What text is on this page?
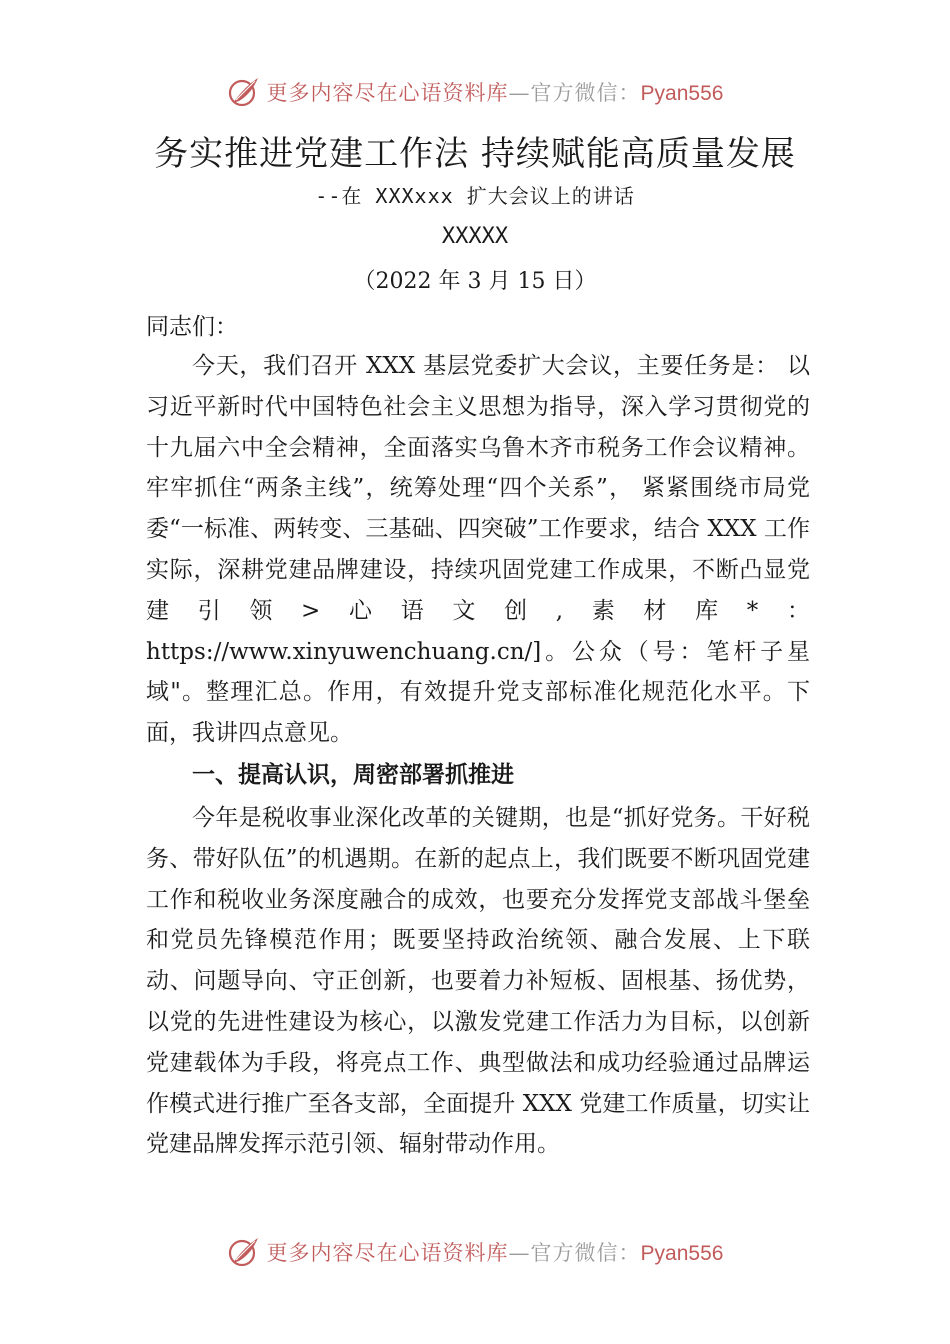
更多内容尽在心语资料库—官方微信：Pyan556
务实推进党建工作法 持续赋能高质量发展
--在 XXXxxx 扩大会议上的讲话
XXXXX
（2022 年 3 月 15 日）
同志们：
今天，我们召开 XXX 基层党委扩大会议，主要任务是： 以习近平新时代中国特色社会主义思想为指导，深入学习贯彻党的十九届六中全会精神，全面落实乌鲁木齐市税务工作会议精神。牢牢抓住“两条主线”，统筹处理“四个关系”， 紧紧围绕市局党委“一标准、两转变、三基础、四突破”工作要求，结合 XXX 工作实际，深耕党建品牌建设，持续巩固党建工作成果，不断凸显党建引领>心语文创,素材库*：https://www.xinyuwenchuang.cn/]。公众（号：笔杆子星域"。整理汇总。作用，有效提升党支部标准化规范化水平。下面，我讲四点意见。
一、提高认识，周密部署抓推进
今年是税收事业深化改革的关键期，也是“抓好党务。干好税务、带好队伍”的机遇期。在新的起点上，我们既要不断巩固党建工作和税收业务深度融合的成效，也要充分发挥党支部战斗堡垒和党员先锋模范作用；既要坚持政治统领、融合发展、上下联动、问题导向、守正创新，也要着力补短板、固根基、扬优势，以党的先进性建设为核心，以激发党建工作活力为目标，以创新党建载体为手段，将亮点工作、典型做法和成功经验通过品牌运作模式进行推广至各支部，全面提升 XXX 党建工作质量，切实让党建品牌发挥示范引领、辐射带动作用。
更多内容尽在心语资料库—官方微信：Pyan556
